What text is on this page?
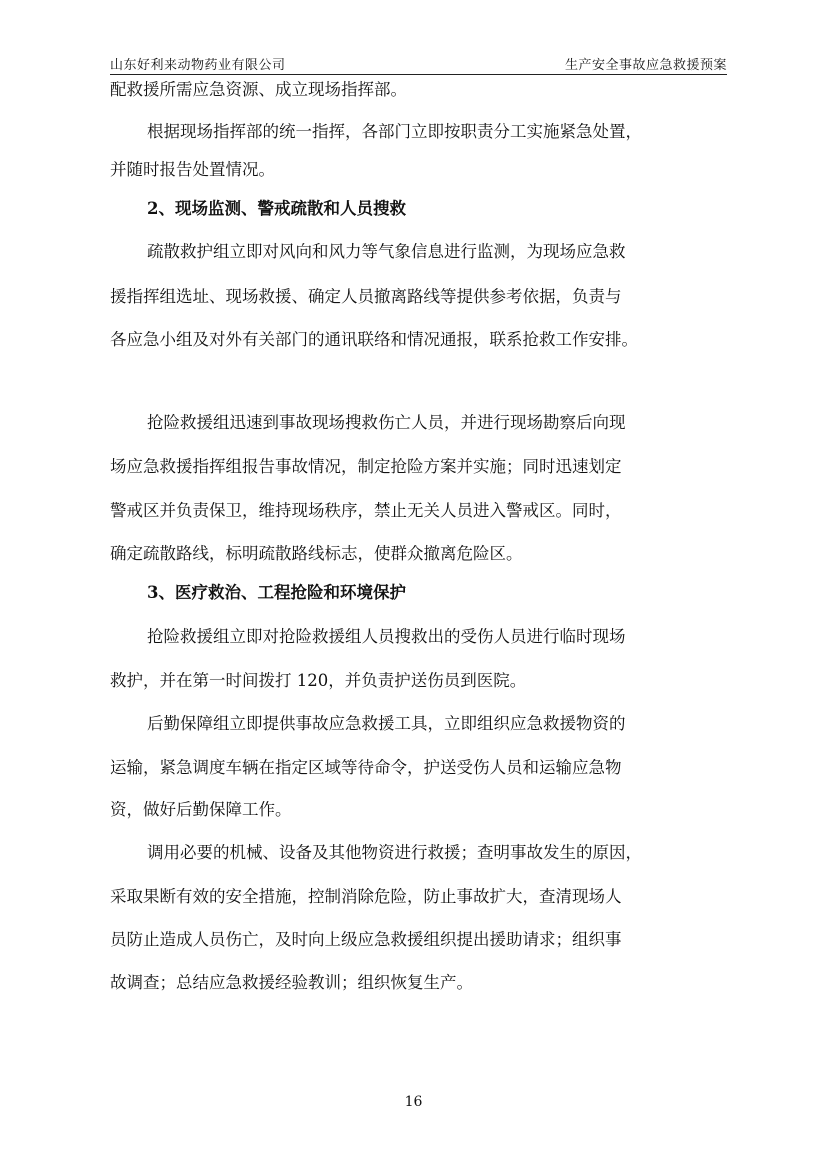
山东好利来动物药业有限公司	生产安全事故应急救援预案
配救援所需应急资源、成立现场指挥部。
根据现场指挥部的统一指挥，各部门立即按职责分工实施紧急处置，
并随时报告处置情况。
2、现场监测、警戒疏散和人员搜救
疏散救护组立即对风向和风力等气象信息进行监测，为现场应急救
援指挥组选址、现场救援、确定人员撤离路线等提供参考依据，负责与
各应急小组及对外有关部门的通讯联络和情况通报，联系抢救工作安排。
抢险救援组迅速到事故现场搜救伤亡人员，并进行现场勘察后向现
场应急救援指挥组报告事故情况，制定抢险方案并实施；同时迅速划定
警戒区并负责保卫，维持现场秩序，禁止无关人员进入警戒区。同时，
确定疏散路线，标明疏散路线标志，使群众撤离危险区。
3、医疗救治、工程抢险和环境保护
抢险救援组立即对抢险救援组人员搜救出的受伤人员进行临时现场
救护，并在第一时间拨打 120，并负责护送伤员到医院。
后勤保障组立即提供事故应急救援工具，立即组织应急救援物资的
运输，紧急调度车辆在指定区域等待命令，护送受伤人员和运输应急物
资，做好后勤保障工作。
调用必要的机械、设备及其他物资进行救援；查明事故发生的原因，
采取果断有效的安全措施，控制消除危险，防止事故扩大，查清现场人
员防止造成人员伤亡，及时向上级应急救援组织提出援助请求；组织事
故调查；总结应急救援经验教训；组织恢复生产。
16
